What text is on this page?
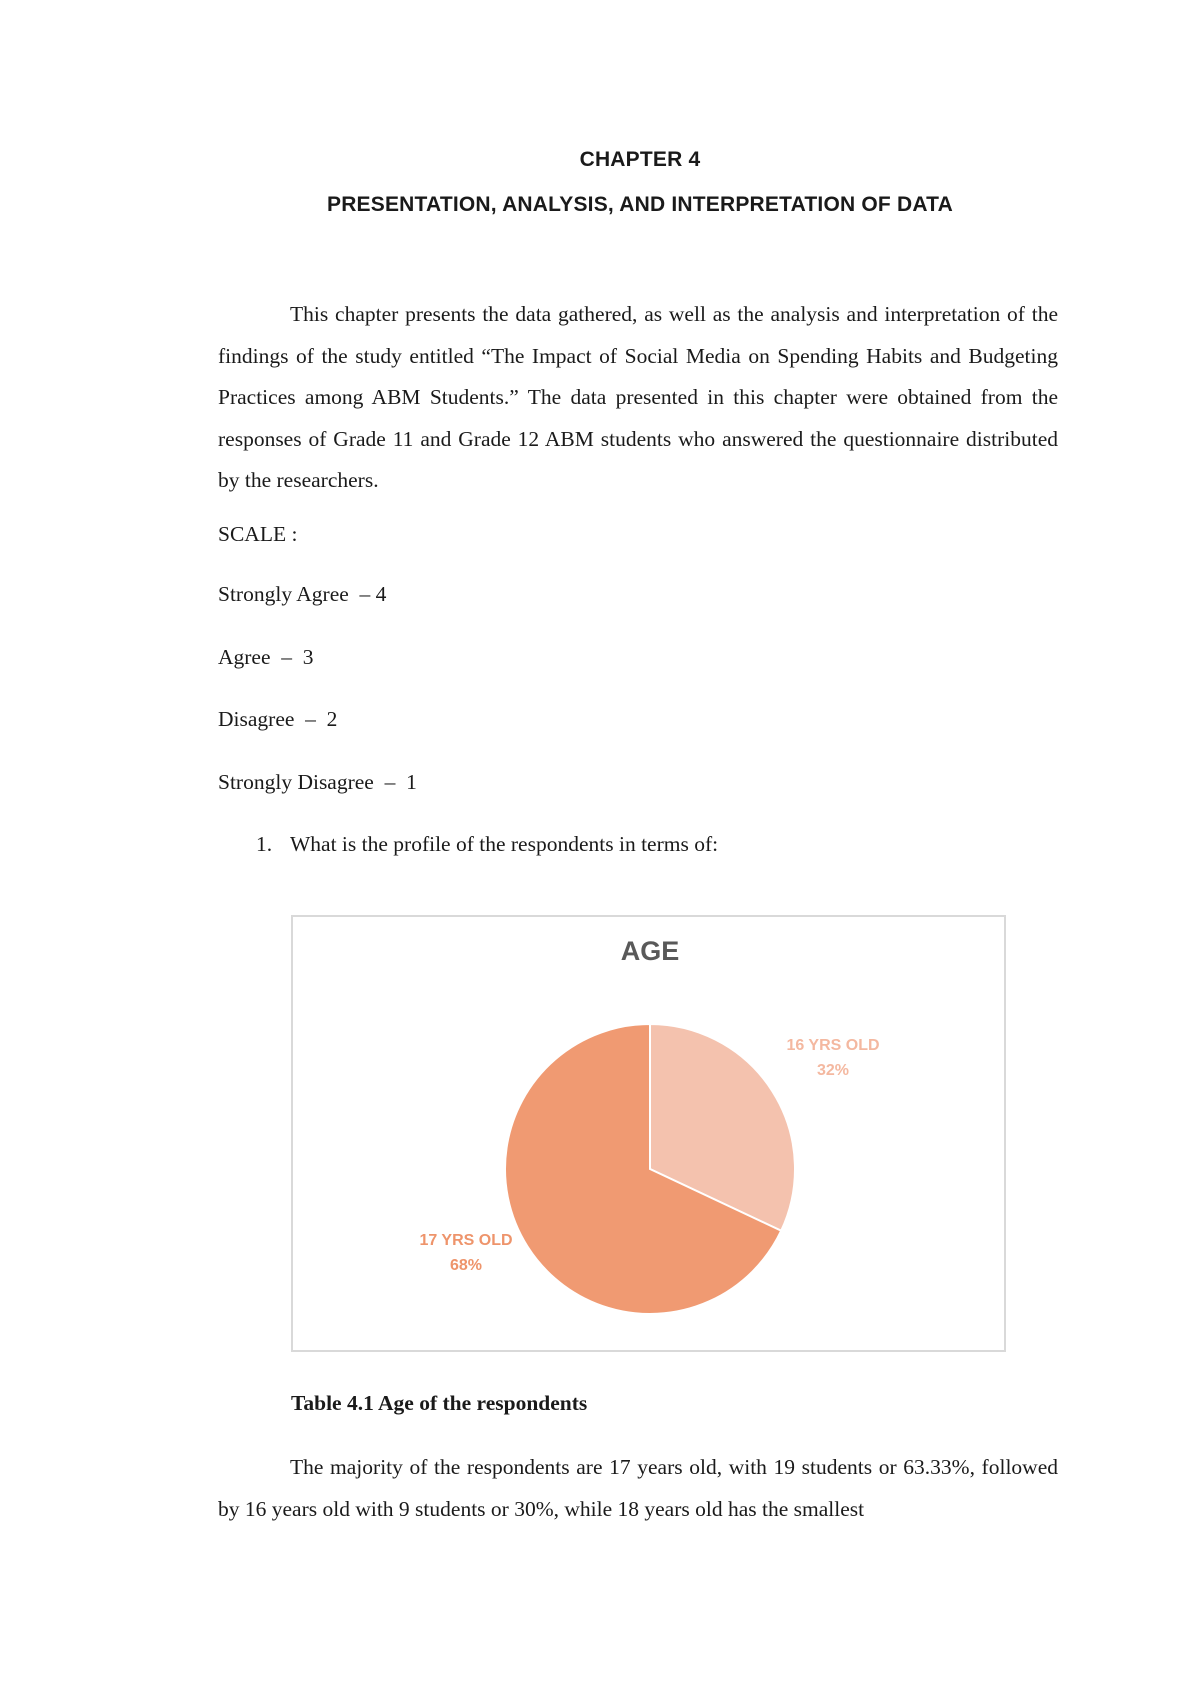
CHAPTER 4
PRESENTATION, ANALYSIS, AND INTERPRETATION OF DATA

This chapter presents the data gathered, as well as the analysis and interpretation of the findings of the study entitled “The Impact of Social Media on Spending Habits and Budgeting Practices among ABM Students.” The data presented in this chapter were obtained from the responses of Grade 11 and Grade 12 ABM students who answered the questionnaire distributed by the researchers.

SCALE :

Strongly Agree  – 4

Agree  –  3

Disagree  –  2

Strongly Disagree  –  1

1. What is the profile of the respondents in terms of:

AGE
16 YRS OLD
32%
17 YRS OLD
68%

Table 4.1 Age of the respondents

The majority of the respondents are 17 years old, with 19 students or 63.33%, followed by 16 years old with 9 students or 30%, while 18 years old has the smallest
